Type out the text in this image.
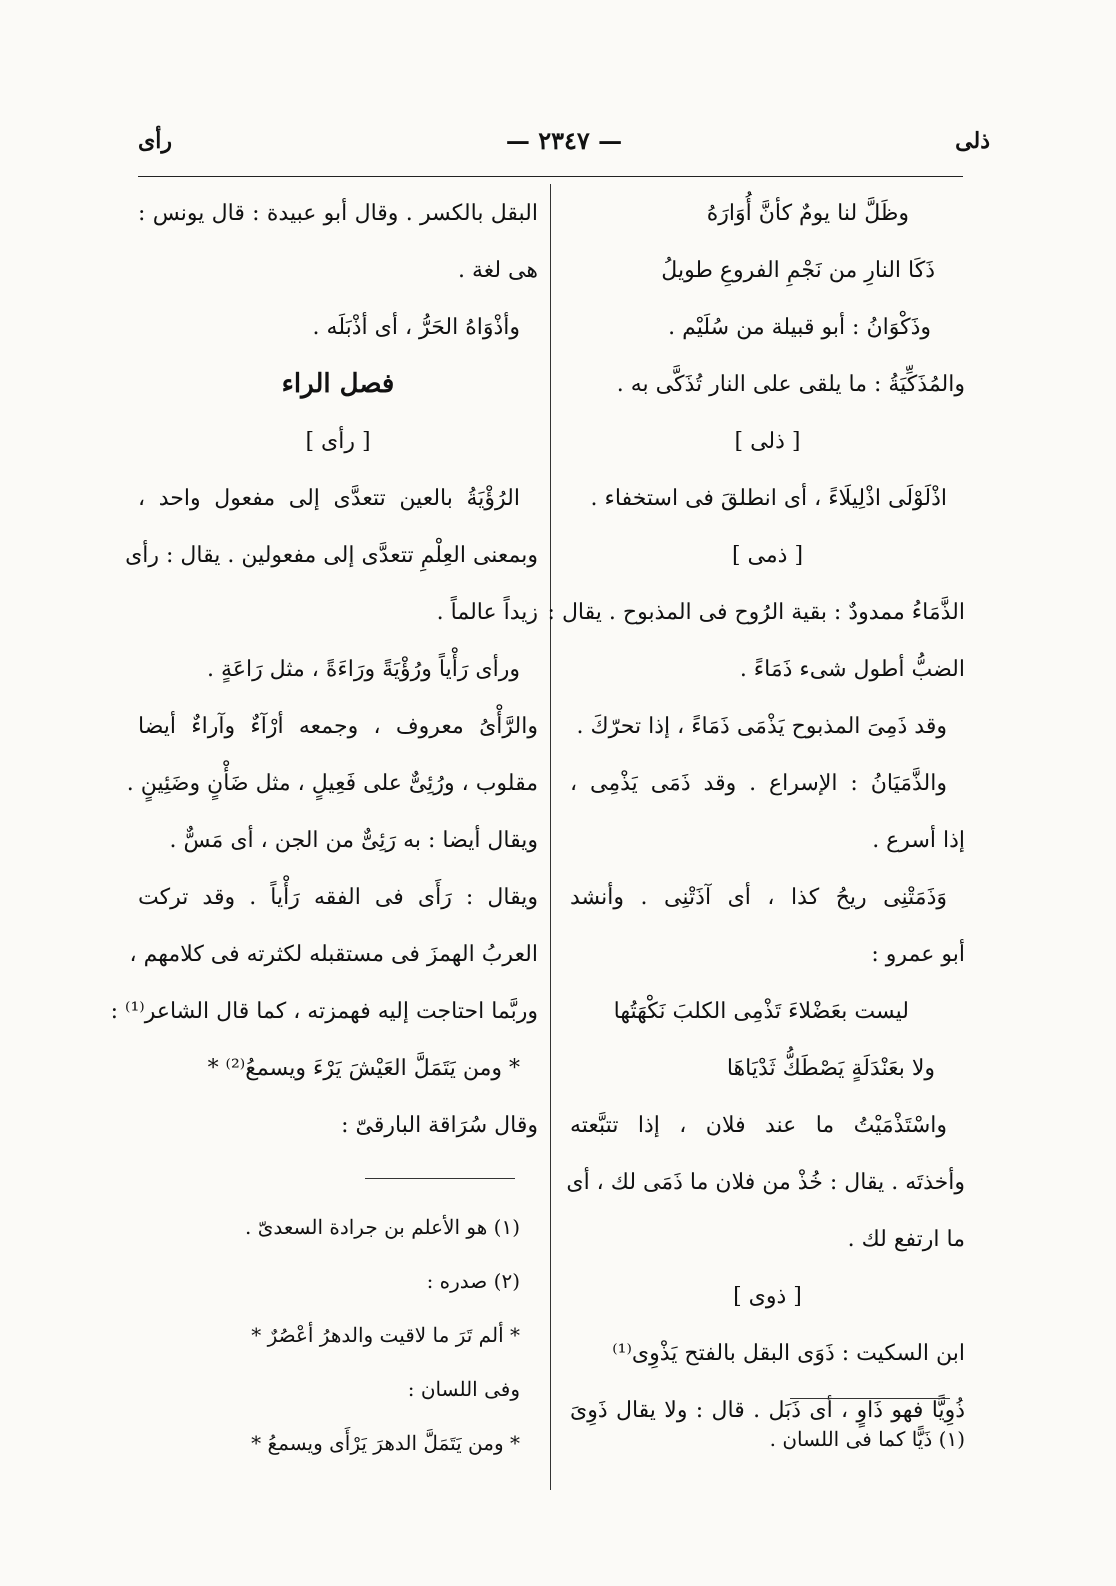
ذلى
— ٢٣٤٧ —
رأى
وظَلَّ لنا يومٌ كأنَّ أُوَارَهُ
ذَكَا النارِ من نَجْمِ الفروعِ طويلُ
وذَكْوَانُ : أبو قبيلة من سُلَيْم .
والمُذَكِّيَةُ : ما يلقى على النار تُذَكَّى به .
[ ذلى ]
اذْلَوْلَى اذْلِيلَاءً ، أى انطلقَ فى استخفاء .
[ ذمى ]
الذَّمَاءُ ممدودٌ : بقية الرُوح فى المذبوح . يقال :
الضبُّ أطول شىء ذَمَاءً .
وقد ذَمِىَ المذبوح يَذْمَى ذَمَاءً ، إذا تحرّكَ .
والذَّمَيَانُ : الإسراع . وقد ذَمَى يَذْمِى ،
إذا أسرع .
وَذَمَتْنِى ريحُ كذا ، أى آذَتْنِى . وأنشد
أبو عمرو :
ليست بعَضْلاءَ تَذْمِى الكلبَ نَكْهَتُها
ولا بعَنْدَلَةٍ يَصْطَكُّ ثَدْيَاهَا
واسْتَذْمَيْتُ ما عند فلان ، إذا تتبَّعته
وأخذتَه . يقال : خُذْ من فلان ما ذَمَى لك ، أى
ما ارتفع لك .
[ ذوى ]
ابن السكيت : ذَوَى البقل بالفتح يَذْوِى⁽¹⁾
ذُوِيًّا فهو ذَاوٍ ، أى ذَبَل . قال : ولا يقال ذَوِىَ
(١) ذَيًّا كما فى اللسان .
البقل بالكسر . وقال أبو عبيدة : قال يونس :
هى لغة .
وأذْوَاهُ الحَرُّ ، أى أذْبَلَه .
فصل الراء
[ رأى ]
الرُؤْيَةُ بالعين تتعدَّى إلى مفعول واحد ،
وبمعنى العِلْمِ تتعدَّى إلى مفعولين . يقال : رأى
زيداً عالماً .
ورأى رَأْياً ورُؤْيَةً ورَاءَةً ، مثل رَاعَةٍ .
والرَّأْىُ معروف ، وجمعه أرْآءٌ وآراءٌ أيضا
مقلوب ، ورُئِىٌّ على فَعِيلٍ ، مثل ضَأْنٍ وضَئِينٍ .
ويقال أيضا : به رَئِىٌّ من الجن ، أى مَسٌّ .
ويقال : رَأَى فى الفقه رَأْياً . وقد تركت
العربُ الهمزَ فى مستقبله لكثرته فى كلامهم ،
وربَّما احتاجت إليه فهمزته ، كما قال الشاعر⁽¹⁾ :
* ومن يَتَمَلَّ العَيْشَ يَرْءَ ويسمعُ⁽²⁾ *
وقال سُرَاقة البارقىّ :
(١) هو الأعلم بن جرادة السعدىّ .
(٢) صدره :
* ألم تَرَ ما لاقيت والدهرُ أعْصُرٌ *
وفى اللسان :
* ومن يَتَمَلَّ الدهرَ يَرْأَى ويسمعُ *
